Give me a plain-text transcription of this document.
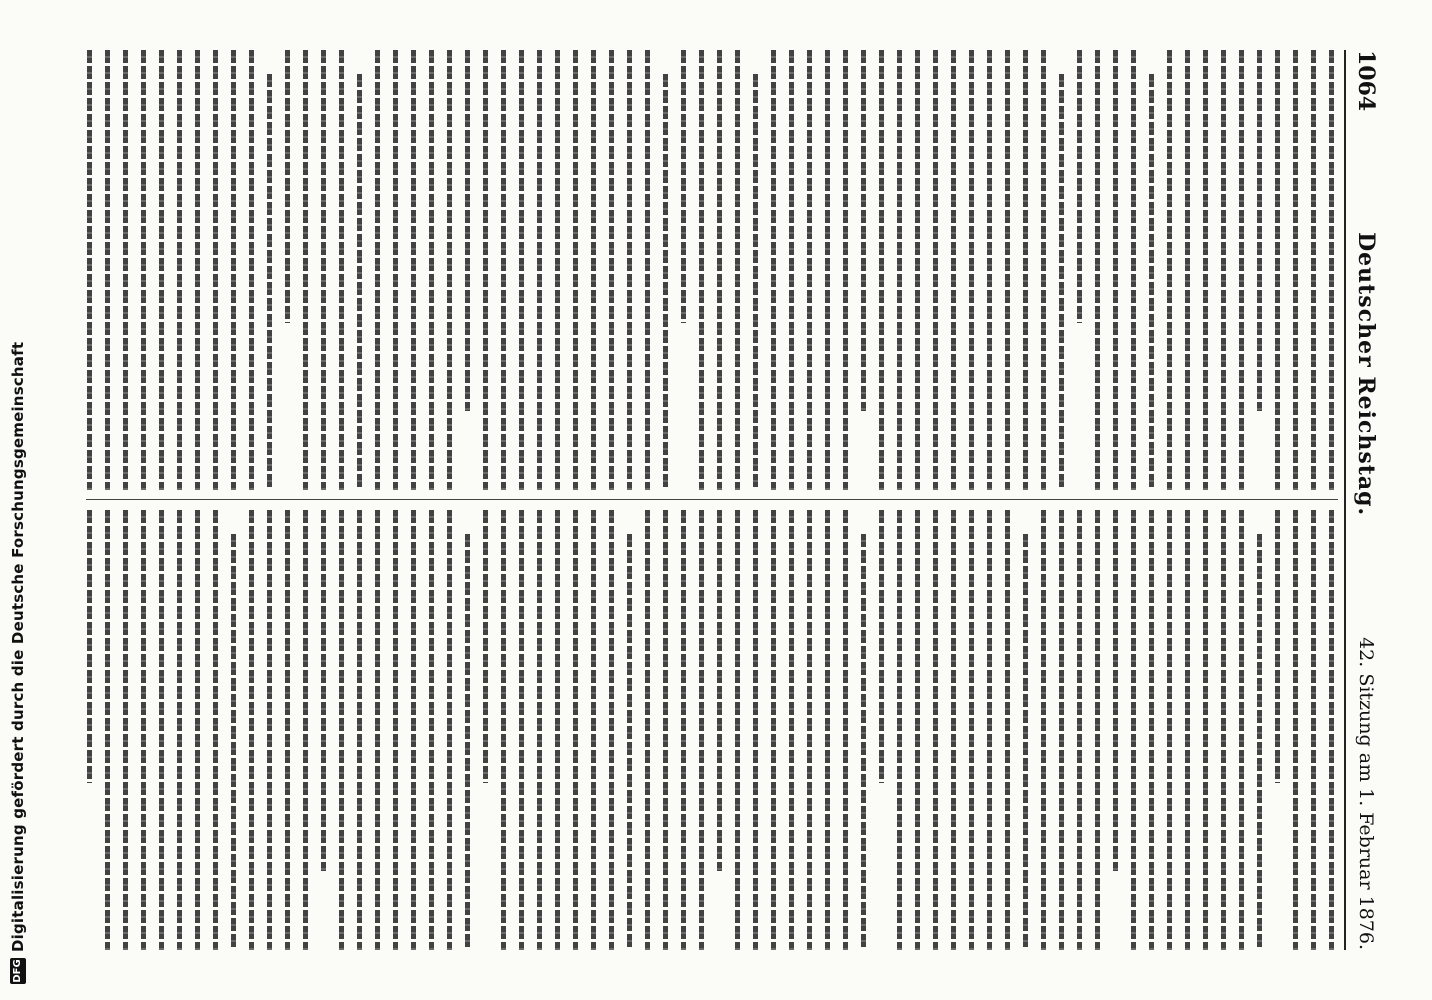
DFG
Digitalisierung gefördert durch die Deutsche Forschungsgemeinschaft
1064
Deutscher Reichstag.
42. Sitzung am 1. Februar 1876.
